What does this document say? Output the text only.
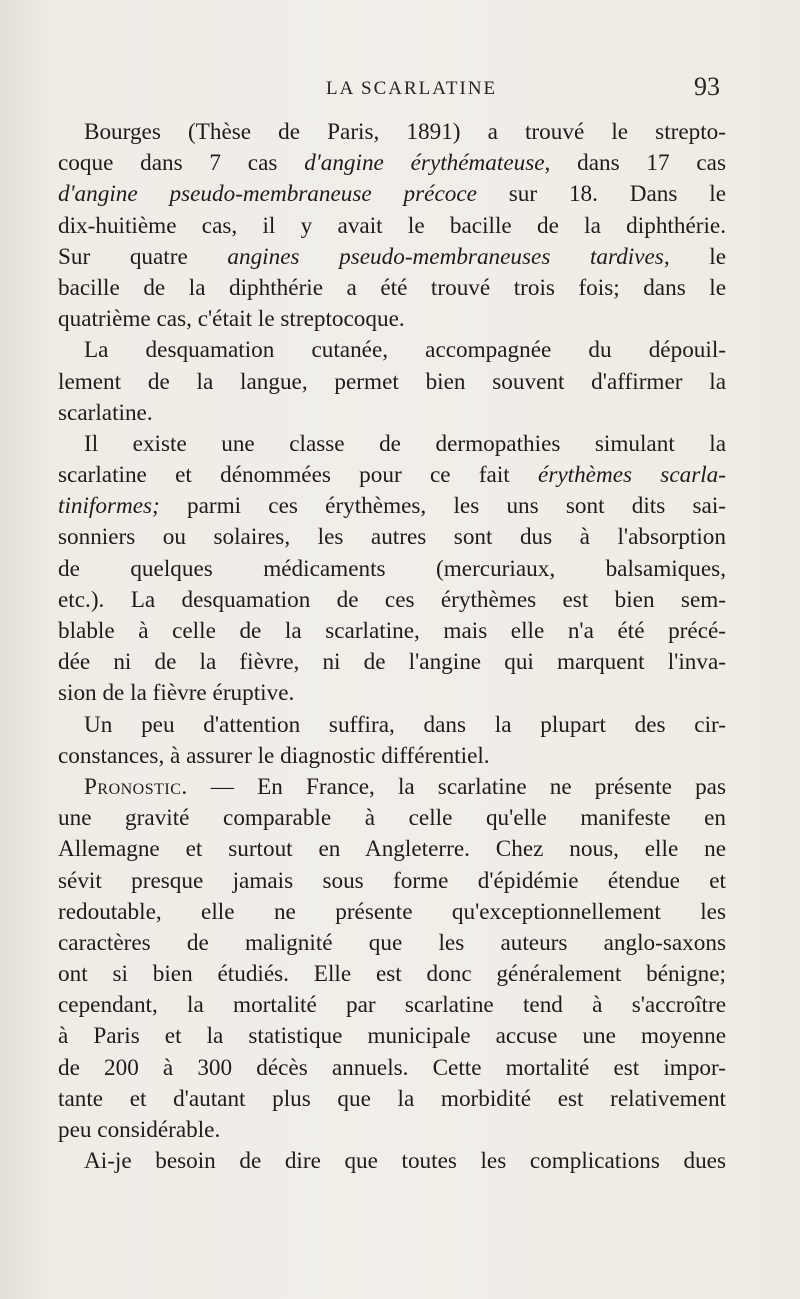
LA SCARLATINE	93
Bourges (Thèse de Paris, 1891) a trouvé le strepto-
coque dans 7 cas d'angine érythémateuse, dans 17 cas
d'angine pseudo-membraneuse précoce sur 18. Dans le
dix-huitième cas, il y avait le bacille de la diphthérie.
Sur quatre angines pseudo-membraneuses tardives, le
bacille de la diphthérie a été trouvé trois fois; dans le
quatrième cas, c'était le streptocoque.
La desquamation cutanée, accompagnée du dépouil-
lement de la langue, permet bien souvent d'affirmer la
scarlatine.
Il existe une classe de dermopathies simulant la
scarlatine et dénommées pour ce fait érythèmes scarla-
tiniformes; parmi ces érythèmes, les uns sont dits sai-
sonniers ou solaires, les autres sont dus à l'absorption
de quelques médicaments (mercuriaux, balsamiques,
etc.). La desquamation de ces érythèmes est bien sem-
blable à celle de la scarlatine, mais elle n'a été précé-
dée ni de la fièvre, ni de l'angine qui marquent l'inva-
sion de la fièvre éruptive.
Un peu d'attention suffira, dans la plupart des cir-
constances, à assurer le diagnostic différentiel.
Pronostic. — En France, la scarlatine ne présente pas
une gravité comparable à celle qu'elle manifeste en
Allemagne et surtout en Angleterre. Chez nous, elle ne
sévit presque jamais sous forme d'épidémie étendue et
redoutable, elle ne présente qu'exceptionnellement les
caractères de malignité que les auteurs anglo-saxons
ont si bien étudiés. Elle est donc généralement bénigne;
cependant, la mortalité par scarlatine tend à s'accroître
à Paris et la statistique municipale accuse une moyenne
de 200 à 300 décès annuels. Cette mortalité est impor-
tante et d'autant plus que la morbidité est relativement
peu considérable.
Ai-je besoin de dire que toutes les complications dues
